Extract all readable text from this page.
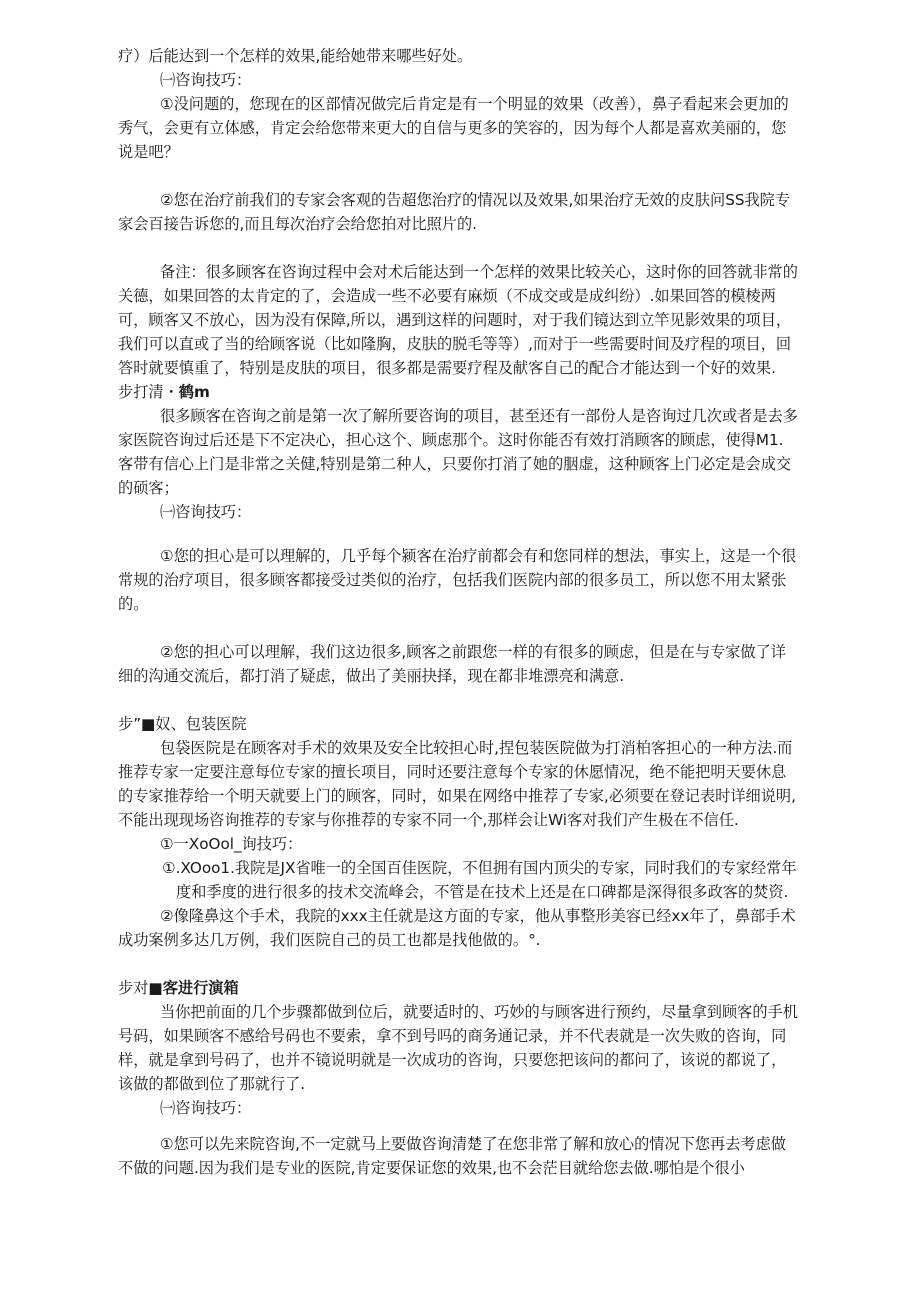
疗）后能达到一个怎样的效果,能给她带来哪些好处。

㈠咨询技巧：

①没问题的，您现在的区部情况做完后肯定是有一个明显的效果（改善），鼻子看起来会更加的秀气，会更有立体感，肯定会给您带来更大的自信与更多的笑容的，因为每个人都是喜欢美丽的，您说是吧？

②您在治疗前我们的专家会客观的告超您治疗的情况以及效果,如果治疗无效的皮肤问SS我院专家会百接告诉您的,而且每次治疗会给您拍对比照片的.

备注：很多顾客在咨询过程中会对术后能达到一个怎样的效果比较关心，这时你的回答就非常的关德，如果回答的太肯定的了，会造成一些不必要有麻烦（不成交或是成纠纷）.如果回答的模棱两可，顾客又不放心，因为没有保障,所以，遇到这样的问题时，对于我们镜达到立竿见影效果的项目，我们可以直或了当的给顾客说（比如隆胸，皮肤的脱毛等等）,而对于一些需要时间及疗程的项目，回答时就要慎重了，特别是皮肤的项目，很多都是需要疗程及献客自己的配合才能达到一个好的效果.

步打清・鹤m

很多顾客在咨询之前是第一次了解所要咨询的项目，甚至还有一部份人是咨询过几次或者是去多家医院咨询过后还是下不定决心，担心这个、顾虑那个。这时你能否有效打消顾客的顾虑，使得M1.客带有信心上门是非常之关健,特别是第二种人，只要你打消了她的胭虚，这种顾客上门必定是会成交的硕客；

㈠咨询技巧：

①您的担心是可以理解的，几乎每个颍客在治疗前都会有和您同样的想法，事实上，这是一个很常规的治疗项目，很多顾客都接受过类似的治疗，包括我们医院内部的很多员工，所以您不用太紧张的。

②您的担心可以理解，我们这边很多,顾客之前跟您一样的有很多的顾虑，但是在与专家做了详细的沟通交流后，都打消了疑虑，做出了美丽抉择，现在都非堆漂亮和满意.

步”■奴、包装医院

包袋医院是在顾客对手术的效果及安全比较担心时,捏包装医院做为打消柏客担心的一种方法.而推荐专家一定要注意每位专家的擅长项目，同时还要注意每个专家的休愿情况，绝不能把明天要休息的专家推荐给一个明天就要上门的顾客，同时，如果在网络中推荐了专家,必须要在登记表时详细说明,不能出现现场咨询推荐的专家与你推荐的专家不同一个,那样会让Wi客对我们产生极在不信任.

①一XoOol_询技巧：

①.XOoo1.我院是JX省唯一的全国百佳医院，不但拥有国内顶尖的专家，同时我们的专家经常年度和季度的进行很多的技术交流峰会，不管是在技术上还是在口碑都是深得很多政客的焚资.

②像隆鼻这个手术，我院的xxx主任就是这方面的专家，他从事整形美容已经xx年了，鼻部手术成功案例多达几万例，我们医院自己的员工也都是找他做的。°.

步对■客进行演箱

当你把前面的几个步骤都做到位后，就要适时的、巧妙的与顾客进行预约，尽量拿到顾客的手机号码，如果顾客不感给号码也不要索，拿不到号吗的商务通记录，并不代表就是一次失败的咨询，同样，就是拿到号码了，也并不镜说明就是一次成功的咨询，只要您把该问的都问了，该说的都说了，该做的都做到位了那就行了.

㈠咨询技巧：

①您可以先来院咨询,不一定就马上要做咨询清楚了在您非常了解和放心的情况下您再去考虑做不做的问题.因为我们是专业的医院,肯定要保证您的效果,也不会茫目就给您去做.哪怕是个很小
